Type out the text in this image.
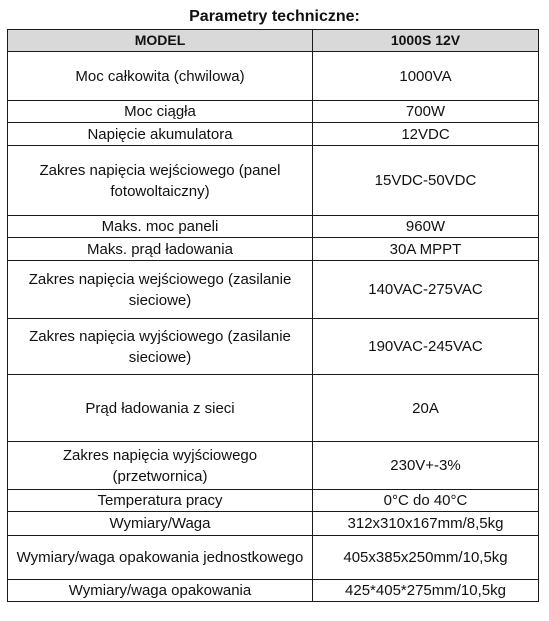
Parametry techniczne:
MODEL	1000S 12V
Moc całkowita (chwilowa)	1000VA
Moc ciągła	700W
Napięcie akumulatora	12VDC
Zakres napięcia wejściowego (panel fotowoltaiczny)	15VDC-50VDC
Maks. moc paneli	960W
Maks. prąd ładowania	30A MPPT
Zakres napięcia wejściowego (zasilanie sieciowe)	140VAC-275VAC
Zakres napięcia wyjściowego (zasilanie sieciowe)	190VAC-245VAC
Prąd ładowania z sieci	20A
Zakres napięcia wyjściowego (przetwornica)	230V+-3%
Temperatura pracy	0°C do 40°C
Wymiary/Waga	312x310x167mm/8,5kg
Wymiary/waga opakowania jednostkowego	405x385x250mm/10,5kg
Wymiary/waga opakowania	425*405*275mm/10,5kg
